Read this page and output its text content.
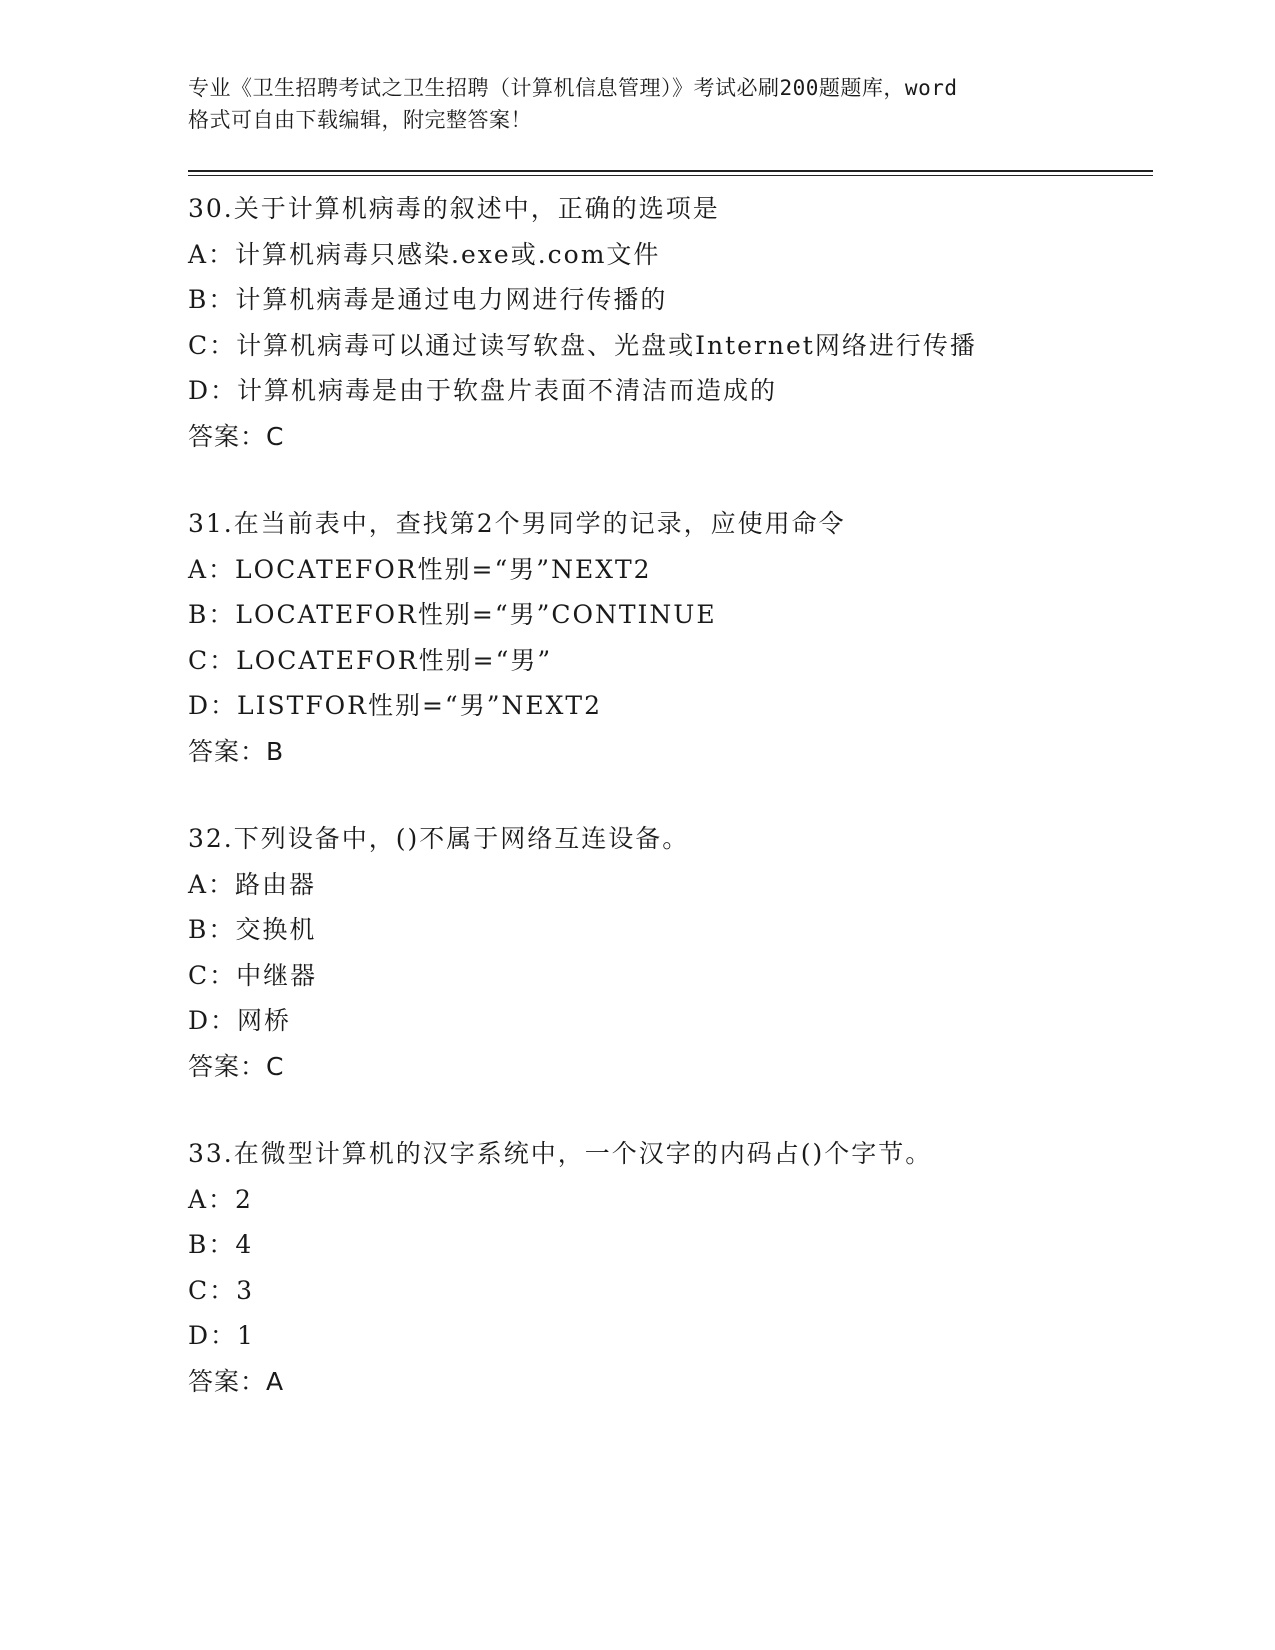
专业《卫生招聘考试之卫生招聘（计算机信息管理）》考试必刷200题题库，word
格式可自由下载编辑，附完整答案！
30.关于计算机病毒的叙述中，正确的选项是
A：计算机病毒只感染.exe或.com文件
B：计算机病毒是通过电力网进行传播的
C：计算机病毒可以通过读写软盘、光盘或Internet网络进行传播
D：计算机病毒是由于软盘片表面不清洁而造成的
答案：C
31.在当前表中，查找第2个男同学的记录，应使用命令
A：LOCATEFOR性别=“男”NEXT2
B：LOCATEFOR性别=“男”CONTINUE
C：LOCATEFOR性别=“男”
D：LISTFOR性别=“男”NEXT2
答案：B
32.下列设备中，()不属于网络互连设备。
A：路由器
B：交换机
C：中继器
D：网桥
答案：C
33.在微型计算机的汉字系统中，一个汉字的内码占()个字节。
A：2
B：4
C：3
D：1
答案：A
